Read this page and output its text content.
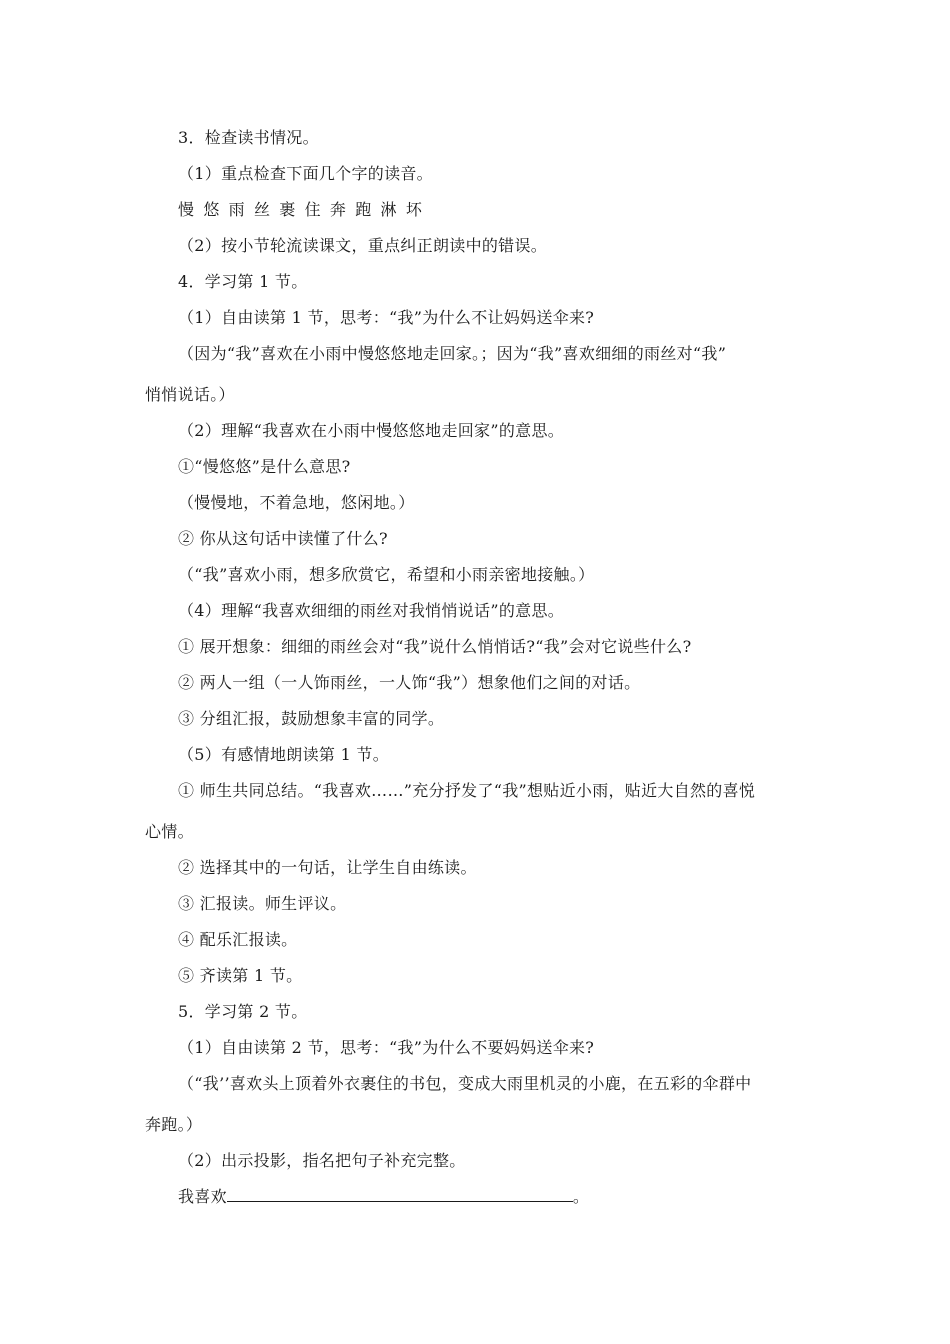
3．检查读书情况。
（1）重点检查下面几个字的读音。
慢 悠 雨 丝 裹 住 奔 跑 淋 坏
（2）按小节轮流读课文，重点纠正朗读中的错误。
4．学习第 1 节。
（1）自由读第 1 节，思考：“我”为什么不让妈妈送伞来?
（因为“我”喜欢在小雨中慢悠悠地走回家。；因为“我”喜欢细细的雨丝对“我”
悄悄说话。）
（2）理解“我喜欢在小雨中慢悠悠地走回家”的意思。
①“慢悠悠”是什么意思?
（慢慢地，不着急地，悠闲地。）
② 你从这句话中读懂了什么?
（“我”喜欢小雨，想多欣赏它，希望和小雨亲密地接触。）
（4）理解“我喜欢细细的雨丝对我悄悄说话”的意思。
① 展开想象：细细的雨丝会对“我”说什么悄悄话?“我”会对它说些什么?
② 两人一组（一人饰雨丝，一人饰“我”）想象他们之间的对话。
③ 分组汇报，鼓励想象丰富的同学。
（5）有感情地朗读第 1 节。
① 师生共同总结。“我喜欢……”充分抒发了“我”想贴近小雨，贴近大自然的喜悦
心情。
② 选择其中的一句话，让学生自由练读。
③ 汇报读。师生评议。
④ 配乐汇报读。
⑤ 齐读第 1 节。
5．学习第 2 节。
（1）自由读第 2 节，思考：“我”为什么不要妈妈送伞来?
（“我’’喜欢头上顶着外衣裹住的书包，变成大雨里机灵的小鹿，在五彩的伞群中
奔跑。）
（2）出示投影，指名把句子补充完整。
我喜欢	。
